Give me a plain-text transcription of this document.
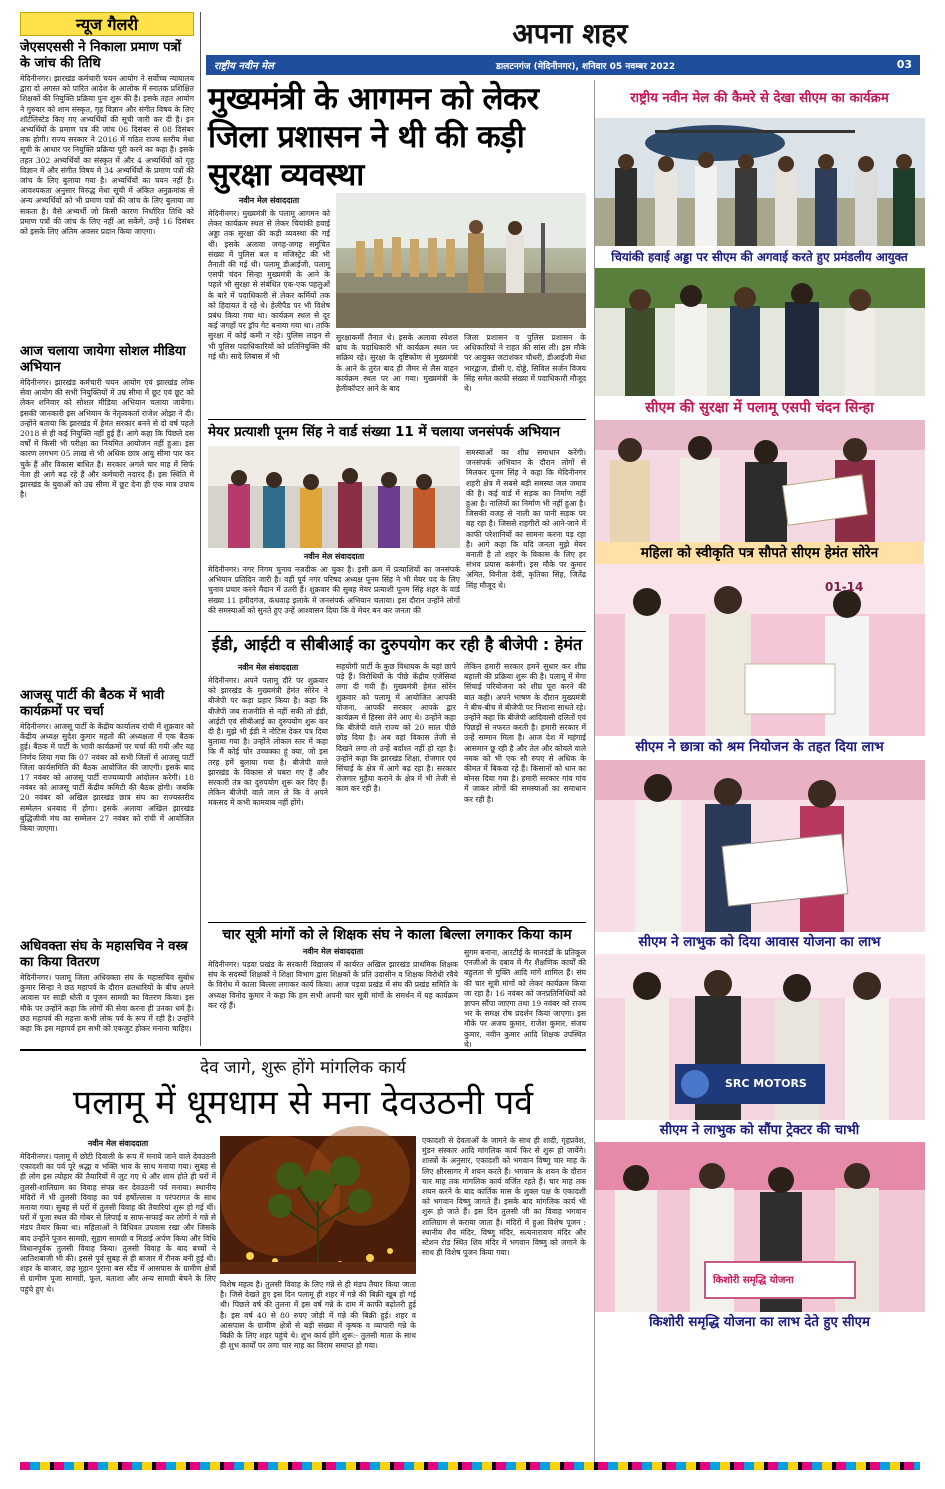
न्यूज गैलरी
जेएसएससी ने निकाला प्रमाण पत्रों के जांच की तिथि
मेदिनीनगर। झारखंड कर्मचारी चयन आयोग ने सर्वोच्च न्यायालय द्वारा दो अगस्त को पारित आदेश के आलोक में स्नातक प्रशिक्षित शिक्षकों की नियुक्ति प्रक्रिया पुनः शुरू की है। इसके तहत आयोग ने गुरुवार को शाम संस्कृत, गृह विज्ञान और संगीत विषय के लिए शॉर्टलिस्टेड किए गए अभ्यर्थियों की सूची जारी कर दी है। इन अभ्यर्थियों के प्रमाण पत्र की जांच 06 दिसंबर से 08 दिसंबर तक होगी। राज्य सरकार ने 2016 में गठित राज्य स्तरीय मेधा सूची के आधार पर नियुक्ति प्रक्रिया पूरी करने का कहा है। इसके तहत 302 अभ्यर्थियों का संस्कृत में और 4 अभ्यर्थियों को गृह विज्ञान में और संगीत विषय में 34 अभ्यर्थियों के प्रमाण पत्रों की जांच के लिए बुलाया गया है। अभ्यर्थियों का चयन नहीं है। आवश्यकता अनुसार विरुद्ध मेधा सूची में अंकित अनुक्रमांक से अन्य अभ्यर्थियों को भी प्रमाण पत्रों की जांच के लिए बुलाया जा सकता है। वैसे अभ्यर्थी जो किसी कारण निर्धारित तिथि को प्रमाण पत्रों की जांच के लिए नहीं आ सकेंगे, उन्हें 16 दिसंबर को इसके लिए अंतिम अवसर प्रदान किया जाएगा।
आज चलाया जायेगा सोशल मीडिया अभियान
मेदिनीनगर। झारखंड कर्मचारी चयन आयोग एवं झारखंड लोक सेवा आयोग की सभी नियुक्तियों में उम्र सीमा में छूट एवं छूट को लेकर शनिवार को सोशल मीडिया अभियान चलाया जायेगा। इसकी जानकारी इस अभियान के नेतृत्वकर्ता राजेश ओझा ने दी। उन्होंने बताया कि झारखंड में हेमंत सरकार बनने से दो वर्ष पहले 2018 से ही कई नियुक्ति नहीं हुई हैं। आगे कहा कि पिछले दस वर्षों में किसी भी परीक्षा का नियमित आयोजन नहीं हुआ। इस कारण लगभग 05 लाख से भी अधिक छात्र आयु सीमा पार कर चुके हैं और विकास बाधित है। सरकार अगले चार माह में सिर्फ नेता ही आगे बढ़ रहे हैं और कर्मचारी नदारद हैं। इस स्थिति में झारखंड के युवाओं को उम्र सीमा में छूट देना ही एक मात्र उपाय है।
आजसू पार्टी की बैठक में भावी कार्यक्रमों पर चर्चा
मेदिनीनगर। आजसू पार्टी के केंद्रीय कार्यालय रांची में शुक्रवार को केंद्रीय अध्यक्ष सुदेश कुमार महतो की अध्यक्षता में एक बैठक हुई। बैठक में पार्टी के भावी कार्यक्रमों पर चर्चा की गयी और यह निर्णय लिया गया कि 07 नवंबर को सभी जिलों में आजसू पार्टी जिला कार्यसमिति की बैठक आयोजित की जाएगी। इसके बाद 17 नवंबर को आजसू पार्टी राज्यव्यापी आंदोलन करेगी। 18 नवंबर को आजसू पार्टी केंद्रीय कमिटी की बैठक होगी। जबकि 20 नवंबर को अखिल झारखंड छात्र संघ का राज्यस्तरीय सम्मेलन धनबाद में होगा। इसके अलावा अखिल झारखंड बुद्धिजीवी मंच का सम्मेलन 27 नवंबर को रांची में आयोजित किया जाएगा।
अधिवक्ता संघ के महासचिव ने वस्त्र का किया वितरण
मेदिनीनगर। पलामू जिला अधिवक्ता संघ के महासचिव सुबोध कुमार सिन्हा ने छठ महापर्व के दौरान व्रतधारियों के बीच अपने आवास पर साड़ी धोती व पूजन सामग्री का वितरण किया। इस मौके पर उन्होंने कहा कि लोगों की सेवा करना ही उनका धर्म है। छठ महापर्व की महत्ता कभी लोक पर्व के रूप में रही है। उन्होंने कहा कि इस महापर्व हम सभी को एकजुट होकर मनाना चाहिए।
अपना शहर
राष्ट्रीय नवीन मेल	डालटनगंज (मेदिनीनगर), शनिवार 05 नवम्बर 2022	03
मुख्यमंत्री के आगमन को लेकर जिला प्रशासन ने थी की कड़ी सुरक्षा व्यवस्था
नवीन मेल संवाददाता
मेदिनीनगर। मुख्यमंत्री के पलामू आगमन को लेकर कार्यक्रम स्थल से लेकर चियांकी हवाई अड्डा तक सुरक्षा की कड़ी व्यवस्था की गई थी। इसके अलावा जगह-जगह समुचित संख्या में पुलिस बल व मजिस्ट्रेट की भी तैनाती की गई थी। पलामू डीआईजी, पलामू एसपी चंदन सिन्हा मुख्यमंत्री के आने के पहले भी सुरक्षा से संबंधित एक-एक पहलुओं के बारे में पदाधिकारी से लेकर कर्मियों तक को हिदायत दे रहे थे। हेलीपैड पर भी विशेष प्रबंध किया गया था। कार्यक्रम स्थल से दूर कई जगहों पर ड्रॉप गेट बनाया गया था। ताकि सुरक्षा में कोई कमी न रहे। पुलिस लाइन से भी पुलिस पदाधिकारियों को प्रतिनियुक्ति की गई थी। सादे लिबास में भी
सुरक्षाकर्मी तैनात थे। इसके अलावा स्पेशल ब्रांच के पदाधिकारी भी कार्यक्रम स्थल पर सक्रिय रहे। सुरक्षा के दृष्टिकोण से मुख्यमंत्री के आने के तुरंत बाद ही जैमर से लैस वाहन कार्यक्रम स्थल पर आ गया। मुख्यमंत्री के हेलीकॉप्टर आने के बाद
जिला प्रशासन व पुलिस प्रशासन के अधिकारियों ने राहत की सांस ली। इस मौके पर आयुक्त जटाशंकर चौधरी, डीआईजी मेधा भारद्वाज, डीसी ए. दोड्डे, सिविल सर्जन विजय सिंह समेत काफी संख्या में पदाधिकारी मौजूद थे।
मेयर प्रत्याशी पूनम सिंह ने वार्ड संख्या 11 में चलाया जनसंपर्क अभियान
नवीन मेल संवाददाता
मेदिनीनगर। नगर निगम चुनाव नजदीक आ चुका है। इसी क्रम में प्रत्याशियों का जनसंपर्क अभियान प्रतिदिन जारी है। वहीं पूर्व नगर परिषद अध्यक्ष पूनम सिंह ने भी मेयर पद के लिए चुनाव प्रचार करने मैदान में उतरी हैं। शुक्रवार की सुबह मेयर प्रत्याशी पूनम सिंह शहर के वार्ड संख्या 11 हमीदगंज, कंधवाढ़ इलाके में जनसंपर्क अभियान चलाया। इस दौरान उन्होंने लोगों की समस्याओं को सुनते हुए उन्हें आश्वासन दिया कि वे मेयर बन कर जनता की
समस्याओं का शीघ्र समाधान करेंगी। जनसंपर्क अभियान के दौरान लोगों से मिलकर पूनम सिंह ने कहा कि मेदिनीनगर शहरी क्षेत्र में सबसे बड़ी समस्या जल जमाव की है। कई वार्ड में सड़क का निर्माण नहीं हुआ है। नालियों का निर्माण भी नहीं हुआ है। जिसकी वजह से नाली का पानी सड़क पर बह रहा है। जिससे राहगीरों को आने-जाने में काफी परेशानियों का सामना करना पड़ रहा है। आगे कहा कि यदि जनता मुझे मेयर बनाती है तो शहर के विकास के लिए हर संभव प्रयास करूंगी। इस मौके पर कुमार अमित, विनीता देवी, कृतिका सिंह, जितेंद्र सिंह मौजूद थे।
ईडी, आईटी व सीबीआई का दुरुपयोग कर रही है बीजेपी : हेमंत
नवीन मेल संवाददाता
मेदिनीनगर। अपने पलामू दौरे पर शुक्रवार को झारखंड के मुख्यमंत्री हेमंत सोरेन ने बीजेपी पर कड़ा प्रहार किया है। कहा कि बीजेपी जब राजनीति से नहीं सकी तो ईडी, आईटी एवं सीबीआई का दुरुपयोग शुरू कर दी है। मुझे भी ईडी ने नोटिस देकर पत्र दिया बुलाया गया है। उन्होंने लोकल स्तर में कहा कि मैं कोई चोर उच्चक्का हूं क्या, जो इस तरह हमें बुलाया गया है। बीजेपी वाले झारखंड के विकास से घबरा गए हैं और सरकारी तंत्र का दुरुपयोग शुरू कर दिए हैं। लेकिन बीजेपी वाले जान ले कि वे अपने मकसद में कभी कामयाब नहीं होंगे।
सहयोगी पार्टी के कुछ विधायक के यहां छापे पड़े हैं। विरोधियों के पीछे केंद्रीय एजेंसियां लगा दी गयी हैं। मुख्यमंत्री हेमंत सोरेन शुक्रवार को पलामू में आयोजित आपकी योजना, आपकी सरकार आपके द्वार कार्यक्रम में हिस्सा लेने आए थे। उन्होंने कहा कि बीजेपी वाले राज्य को 20 साल पीछे छोड़ दिया है। अब वहां विकास तेजी से दिखने लगा तो उन्हें बर्दाश्त नहीं हो रहा है। उन्होंने कहा कि झारखंड शिक्षा, रोजगार एवं सिंचाई के क्षेत्र में आगे बढ़ रहा है। सरकार रोजगार मुहैया कराने के क्षेत्र में भी तेजी से काम कर रही है।
लेकिन हमारी सरकार हमने सुधार कर शीघ्र बहाली की प्रक्रिया शुरू की है। पलामू में मेगा सिंचाई परियोजना को शीघ्र पूरा करने की बात कही। अपने भाषण के दौरान मुख्यमंत्री ने बीच-बीच में बीजेपी पर निशाना साधते रहे। उन्होंने कहा कि बीजेपी आदिवासी दलितों एवं पिछड़ों से नफरत करती है। हमारी सरकार में उन्हें सम्मान मिला है। आज देश में महंगाई आसमान छू रही है और तेल और कोयले वाले नमक को भी एक सौ रुपए से अधिक के कीमत में बिकवा रहे हैं। किसानों को धान का बोनस दिया गया है। हमारी सरकार गांव गांव में जाकर लोगों की समस्याओं का समाधान कर रही है।
चार सूत्री मांगों को ले शिक्षक संघ ने काला बिल्ला लगाकर किया काम
नवीन मेल संवाददाता
मेदिनीनगर। पड़वा प्रखंड के सरकारी विद्यालय में कार्यरत अखिल झारखंड प्राथमिक शिक्षक संघ के सदस्यों शिक्षकों ने शिक्षा विभाग द्वारा शिक्षकों के प्रति उदासीन व शिक्षक विरोधी रवैये के विरोध में काला बिल्ला लगाकर कार्य किया। आज पड़वा प्रखंड में संघ की प्रखंड समिति के अध्यक्ष विनोद कुमार ने कहा कि हम सभी अपनी चार सूत्री मांगों के समर्थन में यह कार्यक्रम कर रहे हैं।
सुगम बनाना, आरटीई के मानदंडों के प्रतिकूल एनजीओ के दबाव में गैर शैक्षणिक कार्यों की बहुलता से मुक्ति आदि मांगें शामिल हैं। संघ की चार सूत्री मांगों को लेकर कार्यक्रम किया जा रहा है। 16 नवंबर को जनप्रतिनिधियों को ज्ञापन सौंपा जाएगा तथा 19 नवंबर को राज्य भर के समक्ष रोष प्रदर्शन किया जाएगा। इस मौके पर अजय कुमार, राजेश कुमार, संजय कुमार, नवीन कुमार आदि शिक्षक उपस्थित थे।
देव जागे, शुरू होंगे मांगलिक कार्य
पलामू में धूमधाम से मना देवउठनी पर्व
नवीन मेल संवाददाता
मेदिनीनगर। पलामू में छोटी दिवाली के रूप में मनाये जाने वाले देवउठनी एकादशी का पर्व पूरे श्रद्धा व भक्ति भाव के साथ मनाया गया। सुबह से ही लोग इस त्योहार की तैयारियों में जुट गए थे और शाम होते ही घरों में तुलसी-शालिग्राम का विवाह संपन्न कर देवउठनी पर्व मनाया। स्थानीय मंदिरों में भी तुलसी विवाह का पर्व हर्षोल्लास व परंपरागत के साथ मनाया गया। सुबह से घरों में तुलसी विवाह की तैयारियां शुरू हो गई थीं। घरों में पूजा स्थल की गोबर से लिपाई व साफ-सफाई कर लोगों ने गन्ने से मंडप तैयार किया था। महिलाओं ने विधिवत उपवास रखा और जिसके बाद उन्होंने पूजन सामग्री, सुहाग सामग्री व मिठाई अर्पण किया और विधि विधानपूर्वक तुलसी विवाह किया। तुलसी विवाह के बाद बच्चों ने आतिशबाजी भी की। इससे पूर्व सुबह से ही बाजार में रौनक बनी हुई थी। शहर के बाजार, छह मुहान पुराना बस स्टैंड में आसपास के ग्रामीण क्षेत्रों से ग्रामीण पूजा सामग्री, फूल, बताशा और अन्य सामग्री बेचने के लिए पहुंचे हुए थे।
विशेष महत्व है। तुलसी विवाह के लिए गन्ने से ही मंडप तैयार किया जाता है। जिसे देखते हुए इस दिन पलामू ही शहर में गन्ने की बिक्री खूब हो गई थी। पिछले वर्ष की तुलना में इस वर्ष गन्ने के दाम में काफी बढ़ोतरी हुई है। इस वर्ष 40 से 80 रुपए जोड़ी में गन्ने की बिक्री हुई। शहर व आसपास के ग्रामीण क्षेत्रों से बड़ी संख्या में कृषक व व्यापारी गन्ने के बिक्री के लिए शहर पहुंचे थे। शुभ कार्य होंगे शुरू:- तुलसी माता के साथ ही शुभ कार्यों पर लगा चार माह का विराम समाप्त हो गया।
एकादशी से देवताओं के जागने के साथ ही शादी, गृहप्रवेश, मुंडन संस्कार आदि मांगलिक कार्य फिर से शुरू हो जायेंगे। शास्त्रों के अनुसार, एकादशी को भगवान विष्णु चार माह के लिए क्षीरसागर में शयन करते हैं। भगवान के शयन के दौरान चार माह तक मांगलिक कार्य वर्जित रहते हैं। चार माह तक शयन करने के बाद कार्तिक मास के शुक्ल पक्ष के एकादशी को भगवान विष्णु जागते हैं। इसके बाद मांगलिक कार्य भी शुरू हो जाते हैं। इस दिन तुलसी जी का विवाह भगवान शालिग्राम से कराया जाता है। मंदिरों में हुआ विशेष पूजन : स्थानीय शैव मंदिर, विष्णु मंदिर, सत्यनारायण मंदिर और स्टेशन रोड स्थित शिव मंदिर में भगवान विष्णु को जगाने के साथ ही विशेष पूजन किया गया।
राष्ट्रीय नवीन मेल की कैमरे से देखा सीएम का कार्यक्रम
चियांकी हवाई अड्डा पर सीएम की अगवाई करते हुए प्रमंडलीय आयुक्त
सीएम की सुरक्षा में पलामू एसपी चंदन सिन्हा
महिला को स्वीकृति पत्र सौपते सीएम हेमंत सोरेन
01-14
सीएम ने छात्रा को श्रम नियोजन के तहत दिया लाभ
सीएम ने लाभुक को दिया आवास योजना का लाभ
SRC MOTORS
सीएम ने लाभुक को सौंपा ट्रेक्टर की चाभी
किशोरी समृद्धि योजना
किशोरी समृद्धि योजना का लाभ देते हुए सीएम
